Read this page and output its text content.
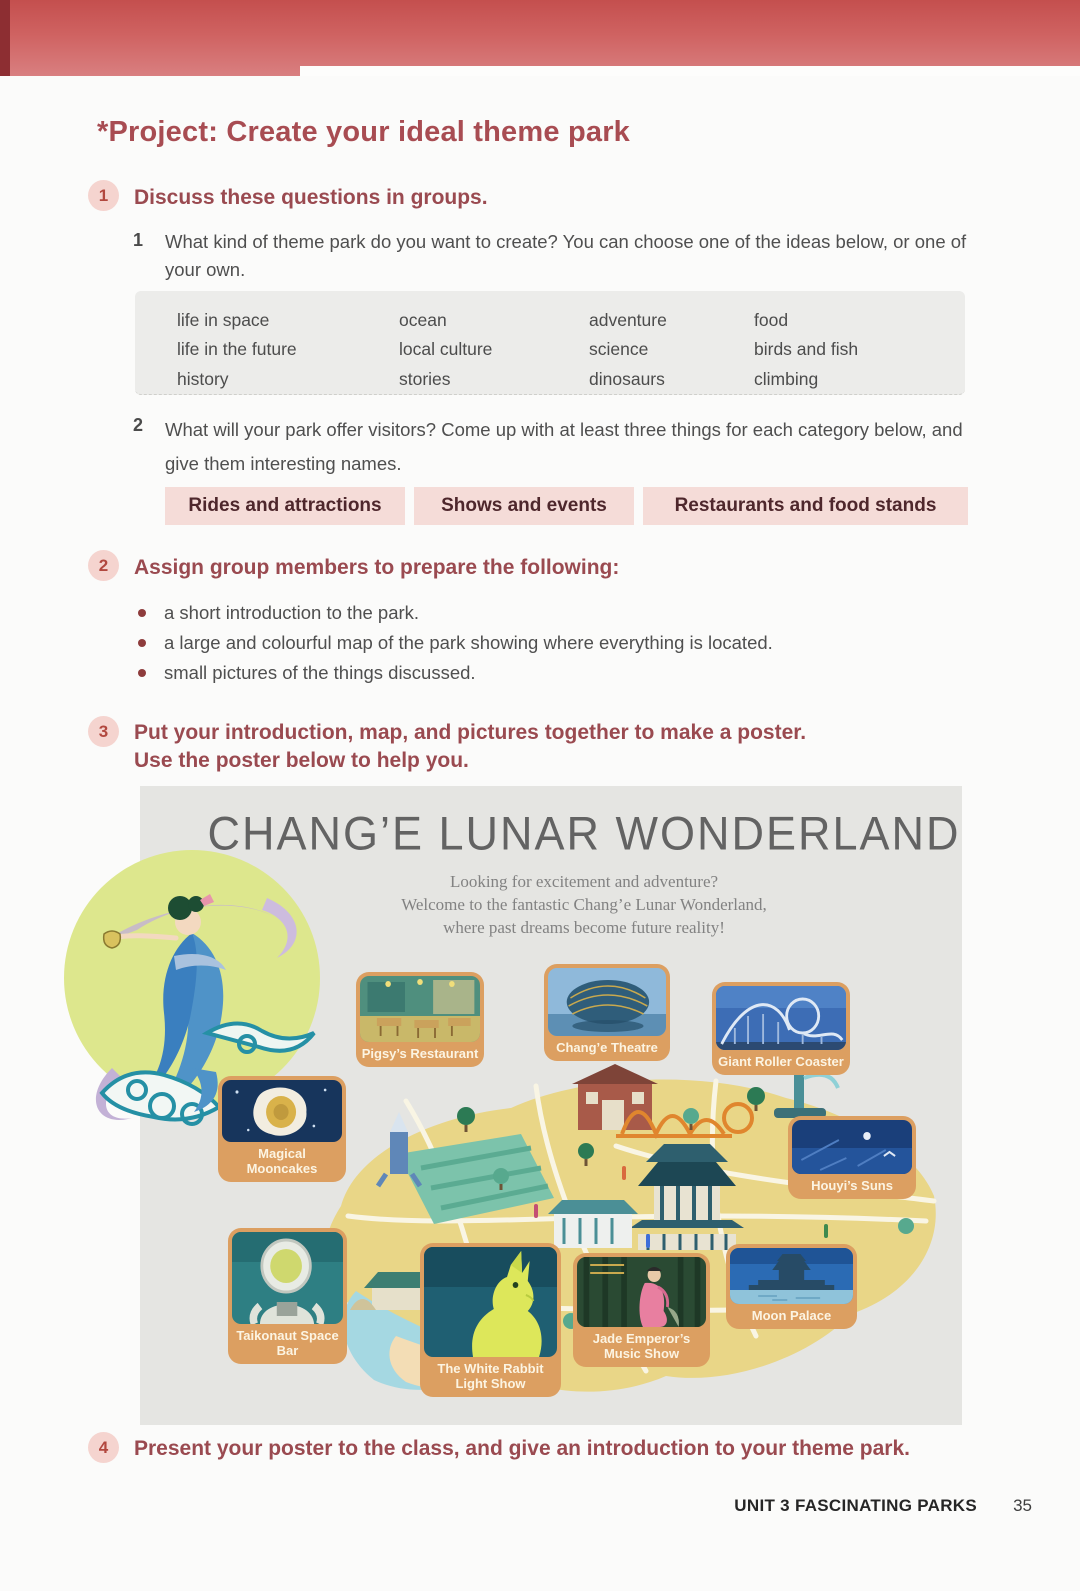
*Project: Create your ideal theme park
1	Discuss these questions in groups.
1 What kind of theme park do you want to create? You can choose one of the ideas below, or one of your own.
life in space	ocean	adventure	food
life in the future	local culture	science	birds and fish
history	stories	dinosaurs	climbing
2 What will your park offer visitors? Come up with at least three things for each category below, and give them interesting names.
Rides and attractions	Shows and events	Restaurants and food stands
2	Assign group members to prepare the following:
a short introduction to the park.
a large and colourful map of the park showing where everything is located.
small pictures of the things discussed.
3	Put your introduction, map, and pictures together to make a poster.
Use the poster below to help you.
CHANG’E LUNAR WONDERLAND
Looking for excitement and adventure?
Welcome to the fantastic Chang’e Lunar Wonderland,
where past dreams become future reality!
Pigsy’s Restaurant	Chang’e Theatre
Giant Roller Coaster
Magical Mooncakes
Houyi’s Suns
Taikonaut Space Bar
The White Rabbit Light Show
Jade Emperor’s Music Show
Moon Palace
4	Present your poster to the class, and give an introduction to your theme park.
UNIT 3 FASCINATING PARKS 35
